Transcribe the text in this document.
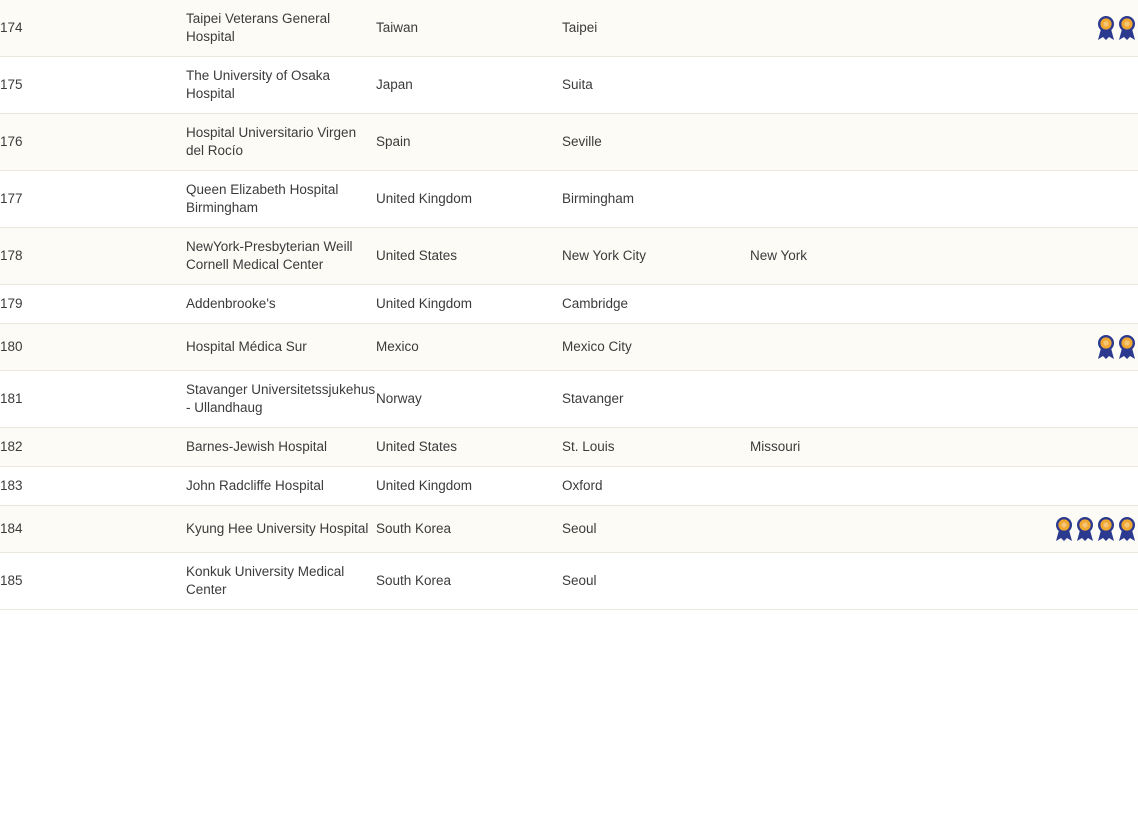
174	Taipei Veterans General Hospital	Taiwan	Taipei		

175	The University of Osaka Hospital	Japan	Suita		
176	Hospital Universitario Virgen del Rocío	Spain	Seville		
177	Queen Elizabeth Hospital Birmingham	United Kingdom	Birmingham		
178	NewYork-Presbyterian Weill Cornell Medical Center	United States	New York City	New York	
179	Addenbrooke's	United Kingdom	Cambridge		
180	Hospital Médica Sur	Mexico	Mexico City		

181	Stavanger Universitetssjukehus - Ullandhaug	Norway	Stavanger		
182	Barnes-Jewish Hospital	United States	St. Louis	Missouri	
183	John Radcliffe Hospital	United Kingdom	Oxford		
184	Kyung Hee University Hospital	South Korea	Seoul		

185	Konkuk University Medical Center	South Korea	Seoul		
